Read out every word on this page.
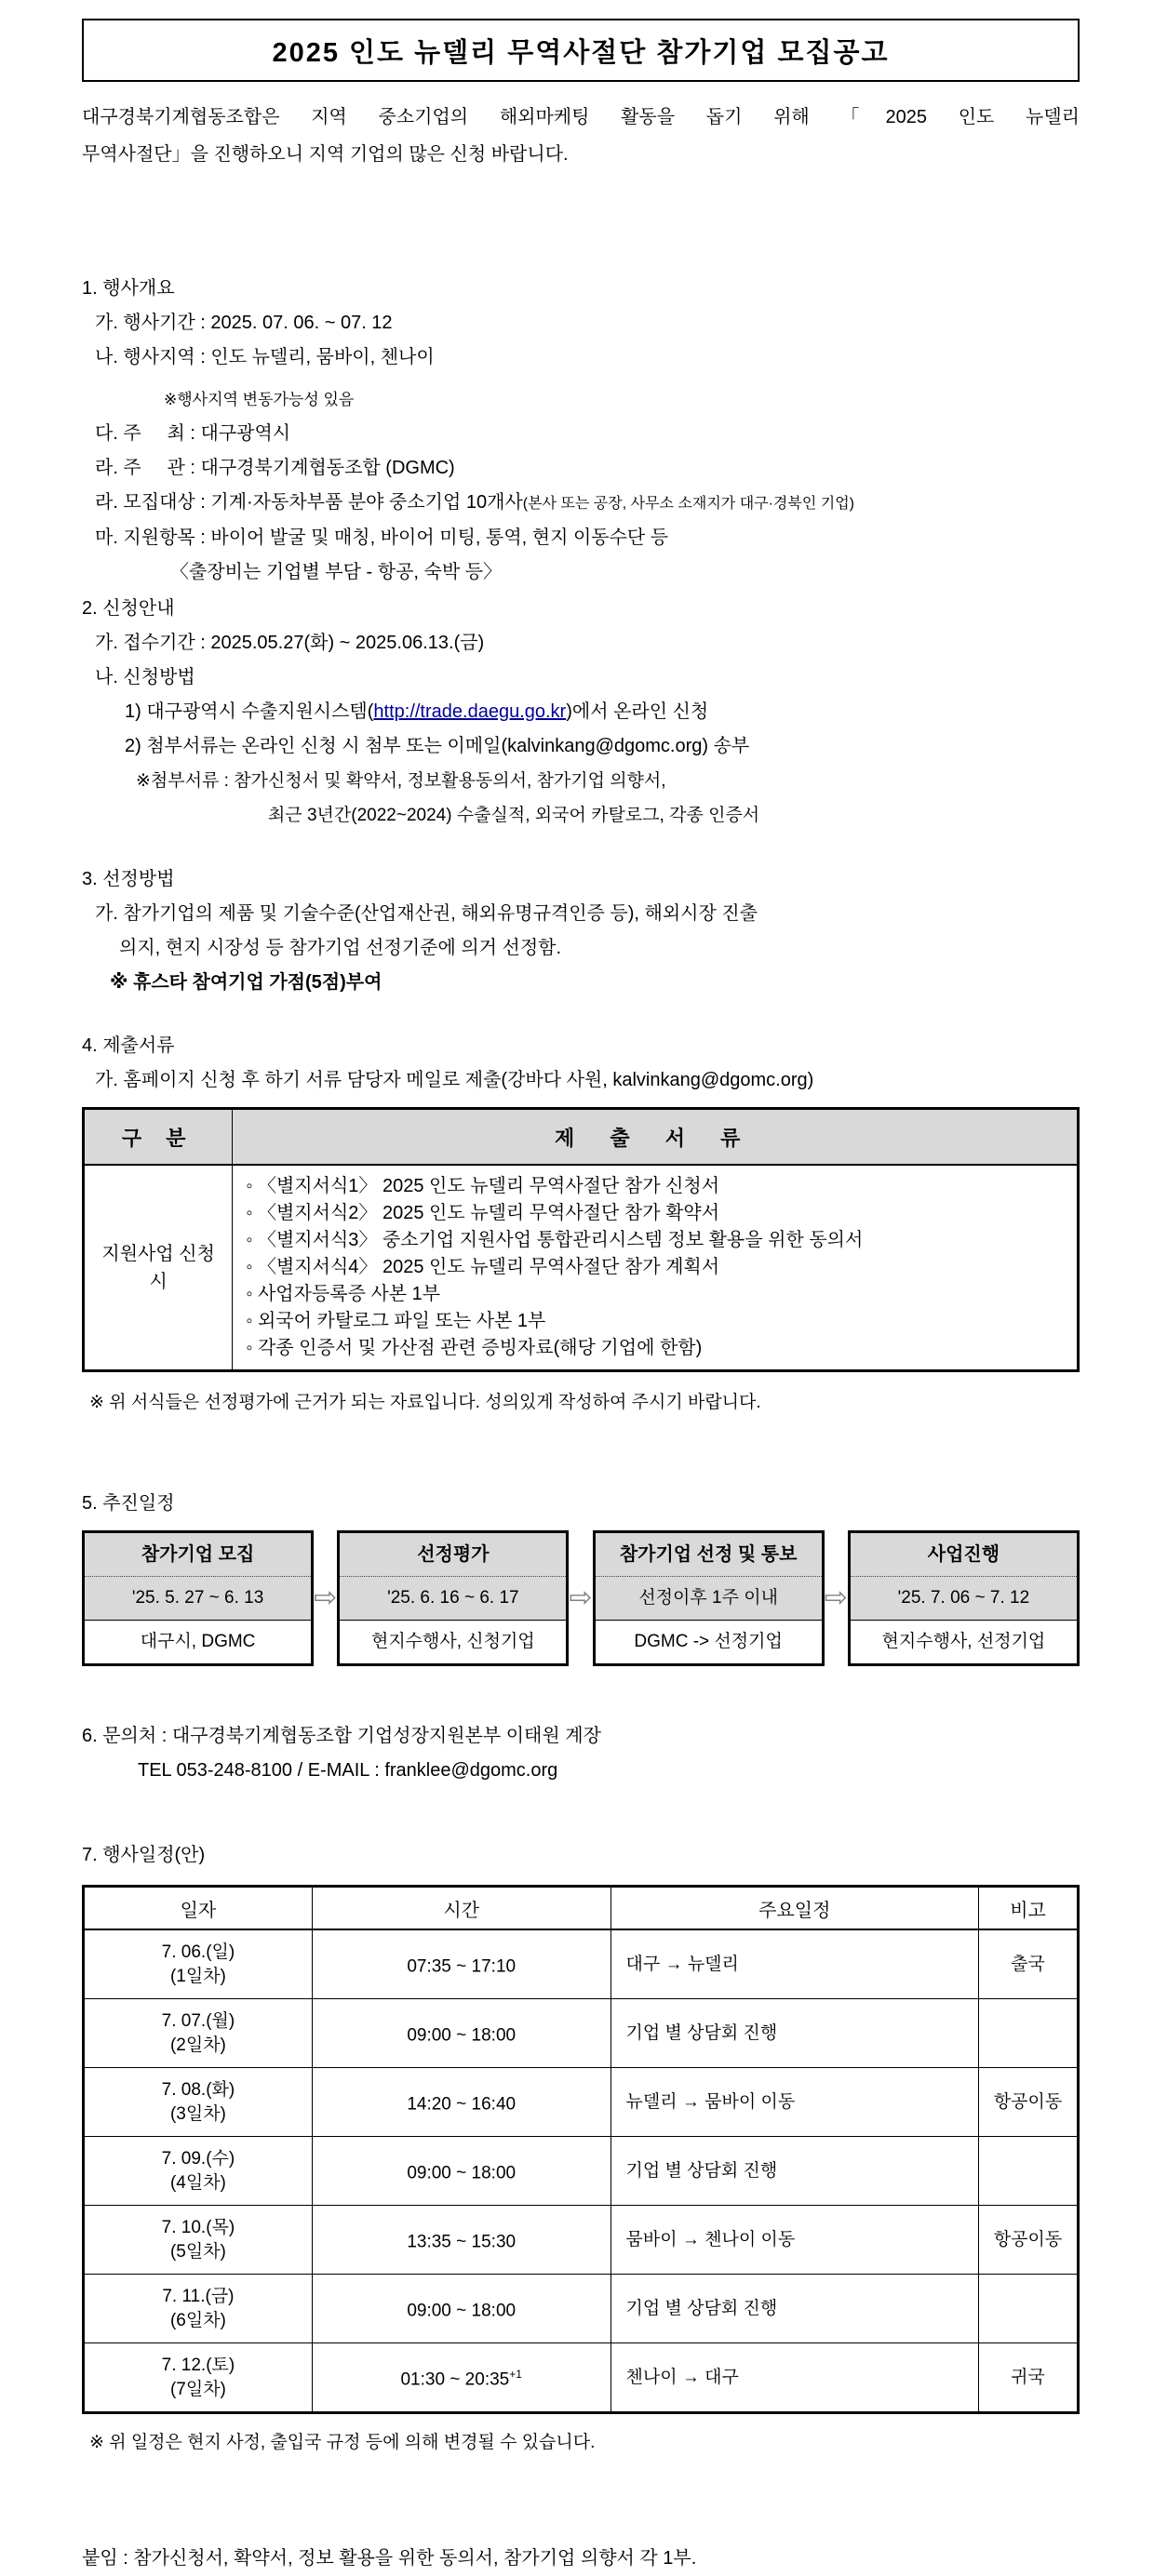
2025 인도 뉴델리 무역사절단 참가기업 모집공고
대구경북기계협동조합은 지역 중소기업의 해외마케팅 활동을 돕기 위해 「2025 인도 뉴델리
무역사절단」을 진행하오니 지역 기업의 많은 신청 바랍니다.
1. 행사개요
가. 행사기간 : 2025. 07. 06. ~ 07. 12
나. 행사지역 : 인도 뉴델리, 뭄바이, 첸나이
※행사지역 변동가능성 있음
다. 주     최 : 대구광역시
라. 주     관 : 대구경북기계협동조합 (DGMC)
라. 모집대상 : 기계·자동차부품 분야 중소기업 10개사(본사 또는 공장, 사무소 소재지가 대구·경북인 기업)
마. 지원항목 : 바이어 발굴 및 매칭, 바이어 미팅, 통역, 현지 이동수단 등
〈출장비는 기업별 부담 - 항공, 숙박 등〉
2. 신청안내
가. 접수기간 : 2025.05.27(화) ~ 2025.06.13.(금)
나. 신청방법
1) 대구광역시 수출지원시스템(http://trade.daegu.go.kr)에서 온라인 신청
2) 첨부서류는 온라인 신청 시 첨부 또는 이메일(kalvinkang@dgomc.org) 송부
※첨부서류 : 참가신청서 및 확약서, 정보활용동의서, 참가기업 의향서,
최근 3년간(2022~2024) 수출실적, 외국어 카탈로그, 각종 인증서
3. 선정방법
가. 참가기업의 제품 및 기술수준(산업재산권, 해외유명규격인증 등), 해외시장 진출
의지, 현지 시장성 등 참가기업 선정기준에 의거 선정함.
※ 휴스타 참여기업 가점(5점)부여
4. 제출서류
가. 홈페이지 신청 후 하기 서류 담당자 메일로 제출(강바다 사원, kalvinkang@dgomc.org)
구 분	제 출 서 류
지원사업 신청 시	
◦ 〈별지서식1〉 2025 인도 뉴델리 무역사절단 참가 신청서
◦ 〈별지서식2〉 2025 인도 뉴델리 무역사절단 참가 확약서
◦ 〈별지서식3〉 중소기업 지원사업 통합관리시스템 정보 활용을 위한 동의서
◦ 〈별지서식4〉 2025 인도 뉴델리 무역사절단 참가 계획서
◦ 사업자등록증 사본 1부
◦ 외국어 카탈로그 파일 또는 사본 1부
◦ 각종 인증서 및 가산점 관련 증빙자료(해당 기업에 한함)
※ 위 서식들은 선정평가에 근거가 되는 자료입니다. 성의있게 작성하여 주시기 바랍니다.
5. 추진일정
참가기업 모집
'25. 5. 27 ~ 6. 13
대구시, DGMC
⇨
선정평가
'25. 6. 16 ~ 6. 17
현지수행사, 신청기업
⇨
참가기업 선정 및 통보
선정이후 1주 이내
DGMC -> 선정기업
⇨
사업진행
'25. 7. 06 ~ 7. 12
현지수행사, 선정기업
6. 문의처 : 대구경북기계협동조합 기업성장지원본부 이태원 계장
TEL 053-248-8100 / E-MAIL : franklee@dgomc.org
7. 행사일정(안)
일자	시간	주요일정	비고

7. 06.(일)
(1일차)	07:35 ~ 17:10	대구 → 뉴델리	출국

7. 07.(월)
(2일차)	09:00 ~ 18:00	기업 별 상담회 진행	

7. 08.(화)
(3일차)	14:20 ~ 16:40	뉴델리 → 뭄바이 이동	항공이동

7. 09.(수)
(4일차)	09:00 ~ 18:00	기업 별 상담회 진행	

7. 10.(목)
(5일차)	13:35 ~ 15:30	뭄바이 → 첸나이 이동	항공이동

7. 11.(금)
(6일차)	09:00 ~ 18:00	기업 별 상담회 진행	

7. 12.(토)
(7일차)	01:30 ~ $20:35^{+1}$	첸나이 → 대구	귀국
※ 위 일정은 현지 사정, 출입국 규정 등에 의해 변경될 수 있습니다.
붙임 : 참가신청서, 확약서, 정보 활용을 위한 동의서, 참가기업 의향서 각 1부.
